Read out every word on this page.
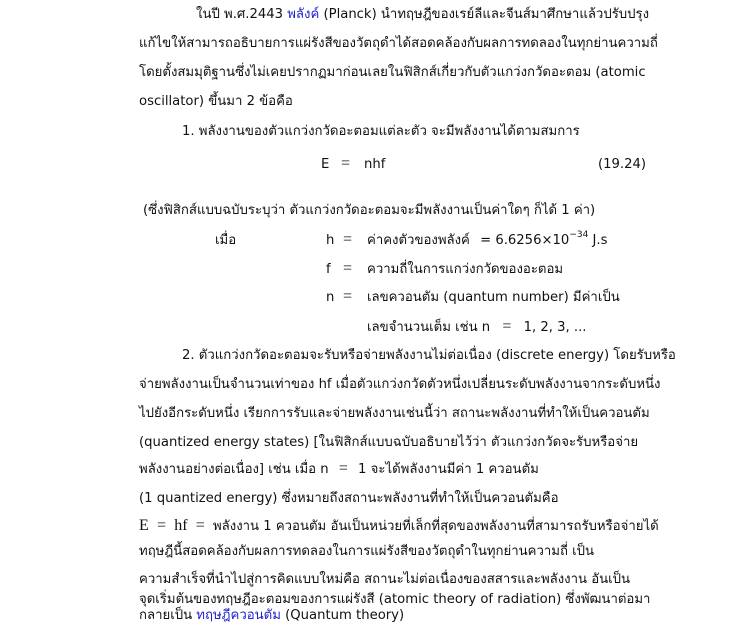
ในปี พ.ศ.2443 พลังค์ (Planck) นำทฤษฎีของเรย์ลีและจีนส์มาศึกษาแล้วปรับปรุง
แก้ไขให้สามารถอธิบายการแผ่รังสีของวัตถุดำได้สอดคล้องกับผลการทดลองในทุกย่านความถี่
โดยตั้งสมมุติฐานซึ่งไม่เคยปรากฏมาก่อนเลยในฟิสิกส์เกี่ยวกับตัวแกว่งกวัดอะตอม (atomic
oscillator) ขึ้นมา 2 ข้อคือ
1. พลังงานของตัวแกว่งกวัดอะตอมแต่ละตัว จะมีพลังงานได้ตามสมการ
E = nhf	(19.24)
(ซึ่งฟิสิกส์แบบฉบับระบุว่า ตัวแกว่งกวัดอะตอมจะมีพลังงานเป็นค่าใดๆ ก็ได้ 1 ค่า)
เมื่อ	h = ค่าคงตัวของพลังค์ = $6.6256\times 10^{-34}$ J.s
f = ความถี่ในการแกว่งกวัดของอะตอม
n = เลขควอนตัม (quantum number) มีค่าเป็น
เลขจำนวนเต็ม เช่น n = 1, 2, 3, ...
2. ตัวแกว่งกวัดอะตอมจะรับหรือจ่ายพลังงานไม่ต่อเนื่อง (discrete energy) โดยรับหรือ
จ่ายพลังงานเป็นจำนวนเท่าของ hf เมื่อตัวแกว่งกวัดตัวหนึ่งเปลี่ยนระดับพลังงานจากระดับหนึ่ง
ไปยังอีกระดับหนึ่ง เรียกการรับและจ่ายพลังงานเช่นนี้ว่า สถานะพลังงานที่ทำให้เป็นควอนตัม
(quantized energy states) [ในฟิสิกส์แบบฉบับอธิบายไว้ว่า ตัวแกว่งกวัดจะรับหรือจ่าย
พลังงานอย่างต่อเนื่อง] เช่น เมื่อ n = 1 จะได้พลังงานมีค่า 1 ควอนตัม
(1 quantized energy) ซึ่งหมายถึงสถานะพลังงานที่ทำให้เป็นควอนตัมคือ
E = hf = พลังงาน 1 ควอนตัม อันเป็นหน่วยที่เล็กที่สุดของพลังงานที่สามารถรับหรือจ่ายได้
ทฤษฎีนี้สอดคล้องกับผลการทดลองในการแผ่รังสีของวัตถุดำในทุกย่านความถี่ เป็น
ความสำเร็จที่นำไปสู่การคิดแบบใหม่คือ สถานะไม่ต่อเนื่องของสสารและพลังงาน อันเป็น
จุดเริ่มต้นของทฤษฎีอะตอมของการแผ่รังสี (atomic theory of radiation) ซึ่งพัฒนาต่อมา
กลายเป็น ทฤษฎีควอนตัม (Quantum theory)
